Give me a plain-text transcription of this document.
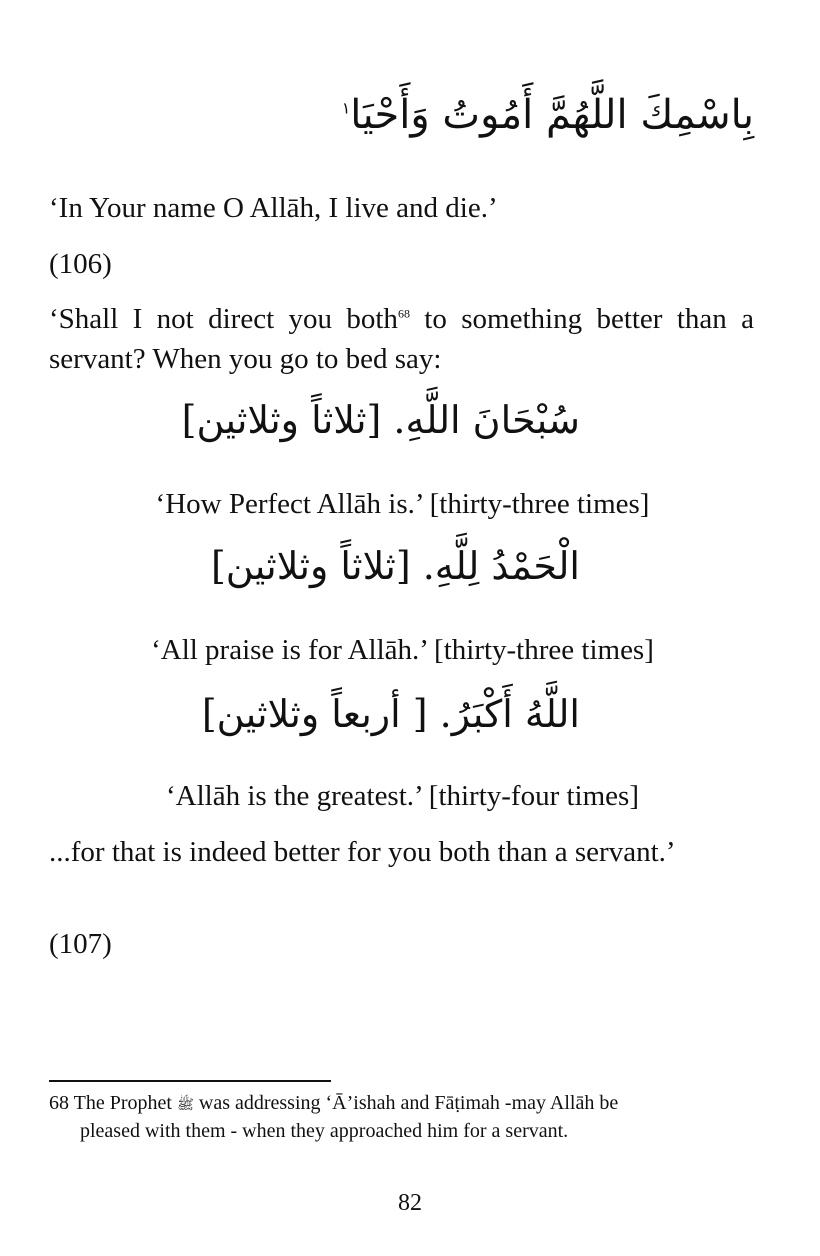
بِاسْمِكَ اللَّهُمَّ أَمُوتُ وَأَحْيَا$^١$
‘In Your name O Allāh, I live and die.’
(106)
‘Shall I not direct you both$^{68}$ to something better than a servant? When you go to bed say:
سُبْحَانَ اللَّهِ. [ثلاثاً وثلاثين]
‘How Perfect Allāh is.’ [thirty-three times]
الْحَمْدُ لِلَّهِ. [ثلاثاً وثلاثين]
‘All praise is for Allāh.’ [thirty-three times]
اللَّهُ أَكْبَرُ. [ أربعاً وثلاثين]
‘Allāh is the greatest.’ [thirty-four times]
...for that is indeed better for you both than a servant.’
(107)
68 The Prophet ﷺ was addressing ‘Ā’ishah and Fāṭimah -may Allāh be
pleased with them - when they approached him for a servant.
82
